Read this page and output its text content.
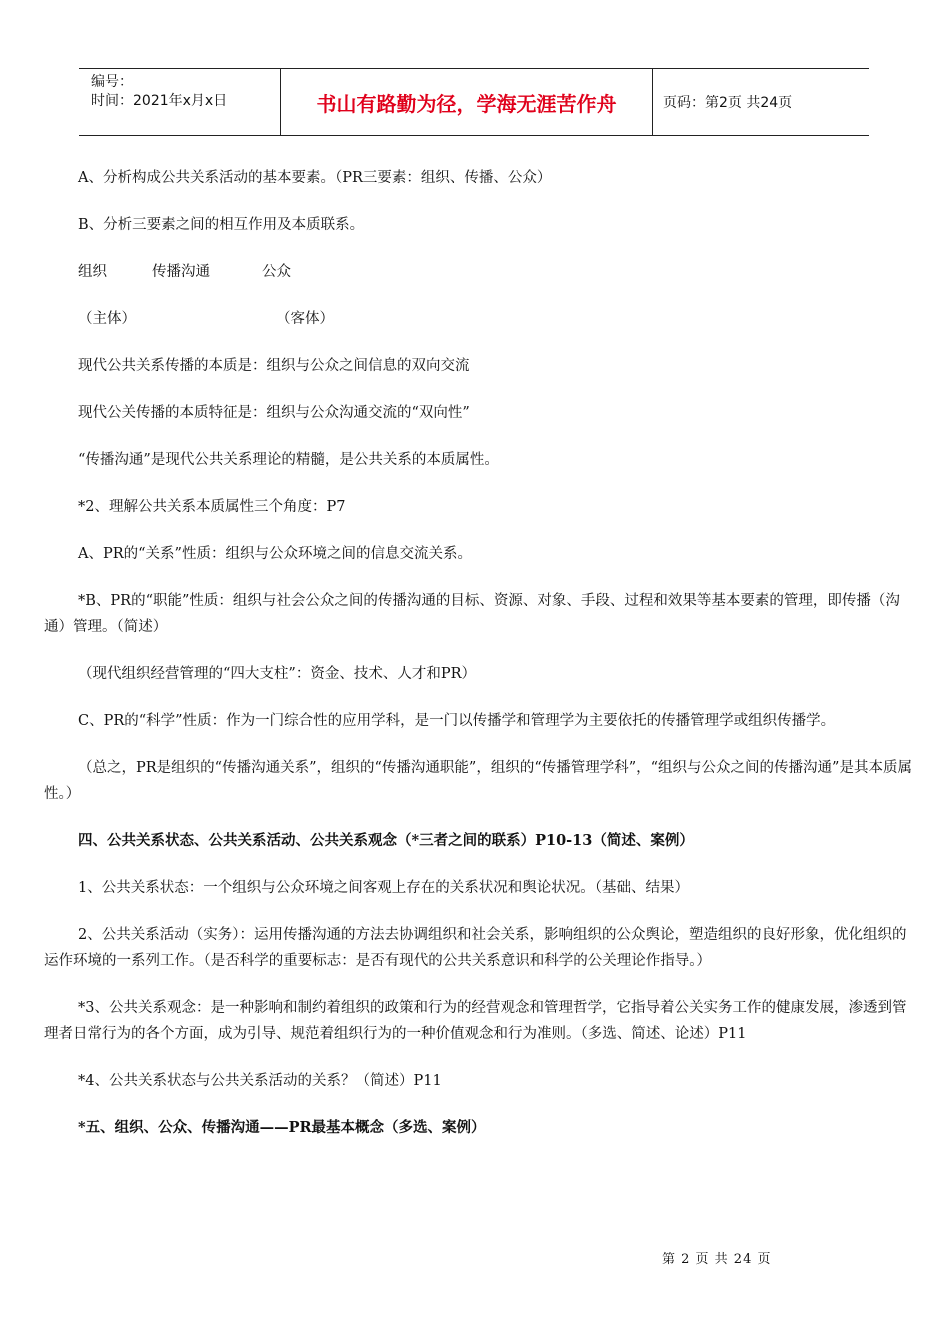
编号：
时间：2021年x月x日	书山有路勤为径，学海无涯苦作舟	页码：第2页 共24页

A、分析构成公共关系活动的基本要素。（PR三要素：组织、传播、公众）

B、分析三要素之间的相互作用及本质联系。

组织	传播沟通	公众

（主体）	（客体）

现代公共关系传播的本质是：组织与公众之间信息的双向交流

现代公关传播的本质特征是：组织与公众沟通交流的“双向性”

“传播沟通”是现代公共关系理论的精髓，是公共关系的本质属性。

*2、理解公共关系本质属性三个角度：P7

A、PR的“关系”性质：组织与公众环境之间的信息交流关系。

*B、PR的“职能”性质：组织与社会公众之间的传播沟通的目标、资源、对象、手段、过程和效果等基本要素的管理，即传播（沟通）管理。（简述）

（现代组织经营管理的“四大支柱”：资金、技术、人才和PR）

C、PR的“科学”性质：作为一门综合性的应用学科，是一门以传播学和管理学为主要依托的传播管理学或组织传播学。

（总之，PR是组织的“传播沟通关系”，组织的“传播沟通职能”，组织的“传播管理学科”，“组织与公众之间的传播沟通”是其本质属性。）

四、公共关系状态、公共关系活动、公共关系观念（*三者之间的联系）P10-13（简述、案例）

1、公共关系状态：一个组织与公众环境之间客观上存在的关系状况和舆论状况。（基础、结果）

2、公共关系活动（实务）：运用传播沟通的方法去协调组织和社会关系，影响组织的公众舆论，塑造组织的良好形象，优化组织的运作环境的一系列工作。（是否科学的重要标志：是否有现代的公共关系意识和科学的公关理论作指导。）

*3、公共关系观念：是一种影响和制约着组织的政策和行为的经营观念和管理哲学，它指导着公关实务工作的健康发展，渗透到管理者日常行为的各个方面，成为引导、规范着组织行为的一种价值观念和行为准则。（多选、简述、论述）P11

*4、公共关系状态与公共关系活动的关系？（简述）P11

*五、组织、公众、传播沟通——PR最基本概念（多选、案例）

第 2 页 共 24 页
